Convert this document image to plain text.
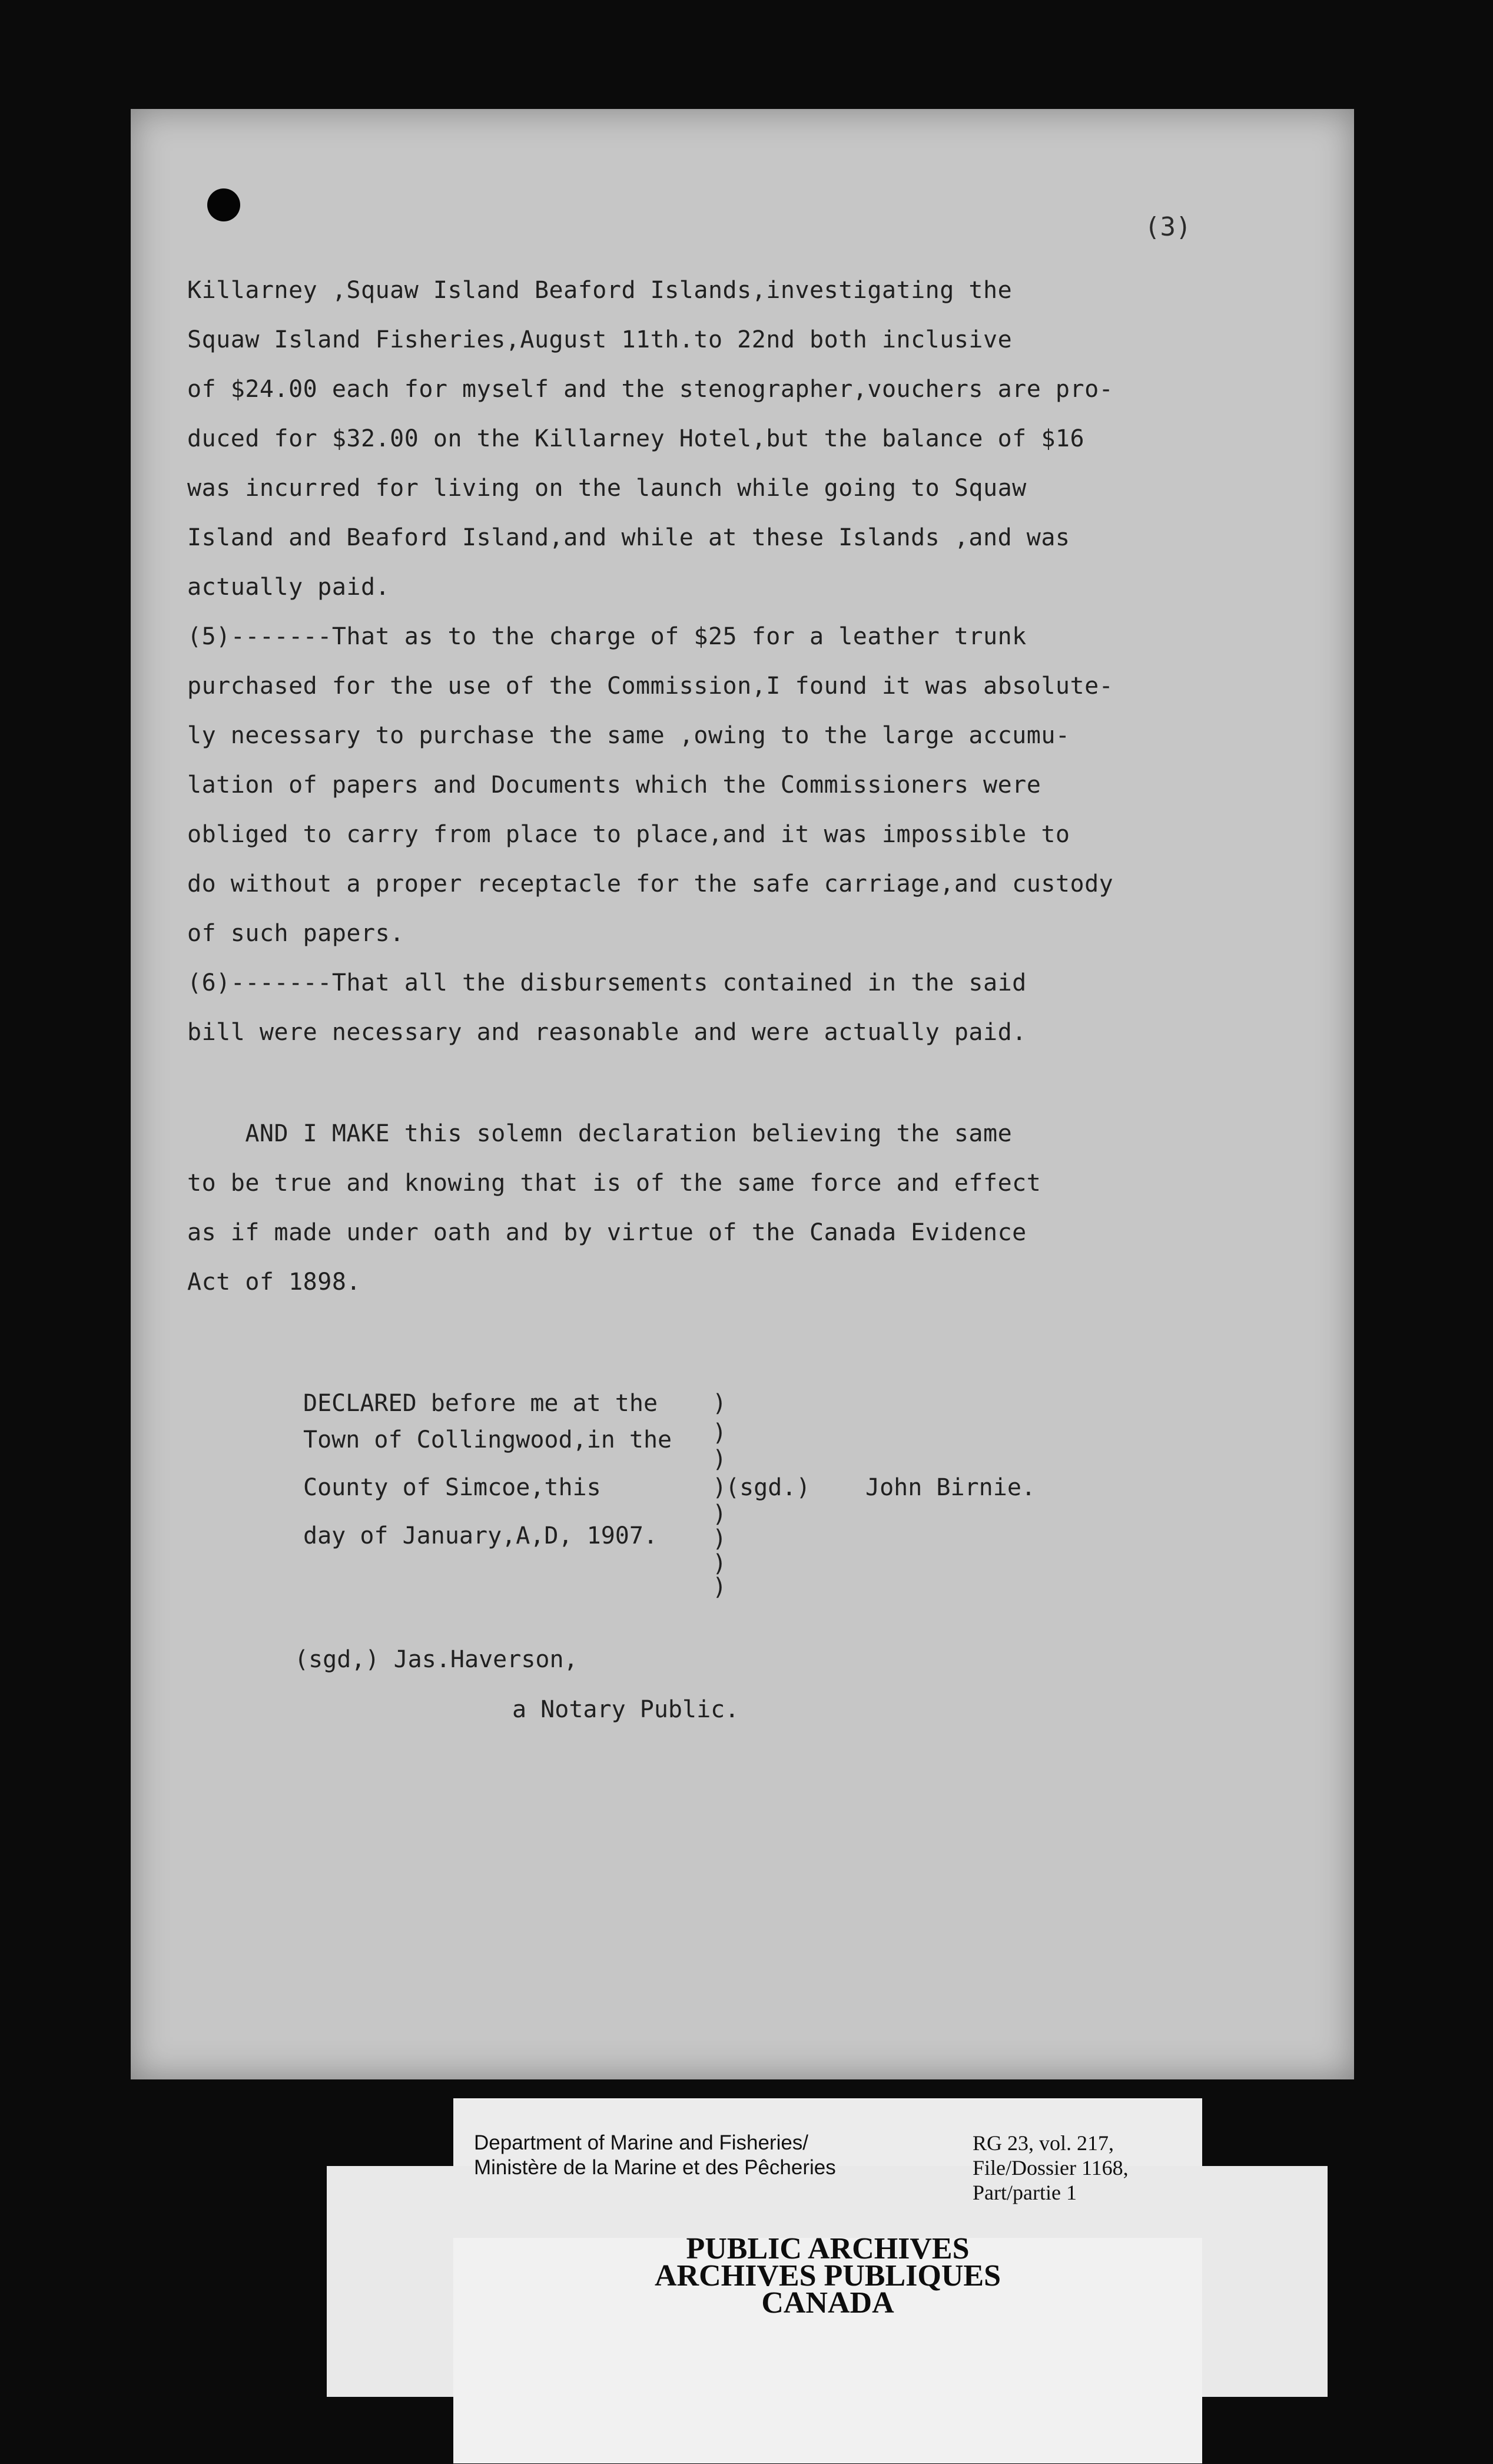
(3)
Killarney ,Squaw Island Beaford Islands,investigating the
Squaw Island Fisheries,August 11th.to 22nd both inclusive
of $24.00 each for myself and the stenographer,vouchers are pro-
duced for $32.00 on the Killarney Hotel,but the balance of $16
was incurred for living on the launch while going to Squaw
Island and Beaford Island,and while at these Islands ,and was
actually paid.
(5)-------That as to the charge of $25 for a leather trunk
purchased for the use of the Commission,I found it was absolute-
ly necessary to purchase the same ,owing to the large accumu-
lation of papers and Documents which the Commissioners were
obliged to carry from place to place,and it was impossible to
do without a proper receptacle for the safe carriage,and custody
of such papers.
(6)-------That all the disbursements contained in the said
bill were necessary and reasonable and were actually paid.
AND I MAKE this solemn declaration believing the same
to be true and knowing that is of the same force and effect
as if made under oath and by virtue of the Canada Evidence
Act of 1898.
DECLARED before me at the
Town of Collingwood,in the
County of Simcoe,this
day of January,A,D, 1907.
)
)
)
)
)
)
)
)
(sgd.) John Birnie.
(sgd,) Jas.Haverson,
a Notary Public.
Department of Marine and Fisheries/
Ministère de la Marine et des Pêcheries
RG 23, vol. 217,
File/Dossier 1168,
Part/partie 1
PUBLIC ARCHIVES
ARCHIVES PUBLIQUES
CANADA
